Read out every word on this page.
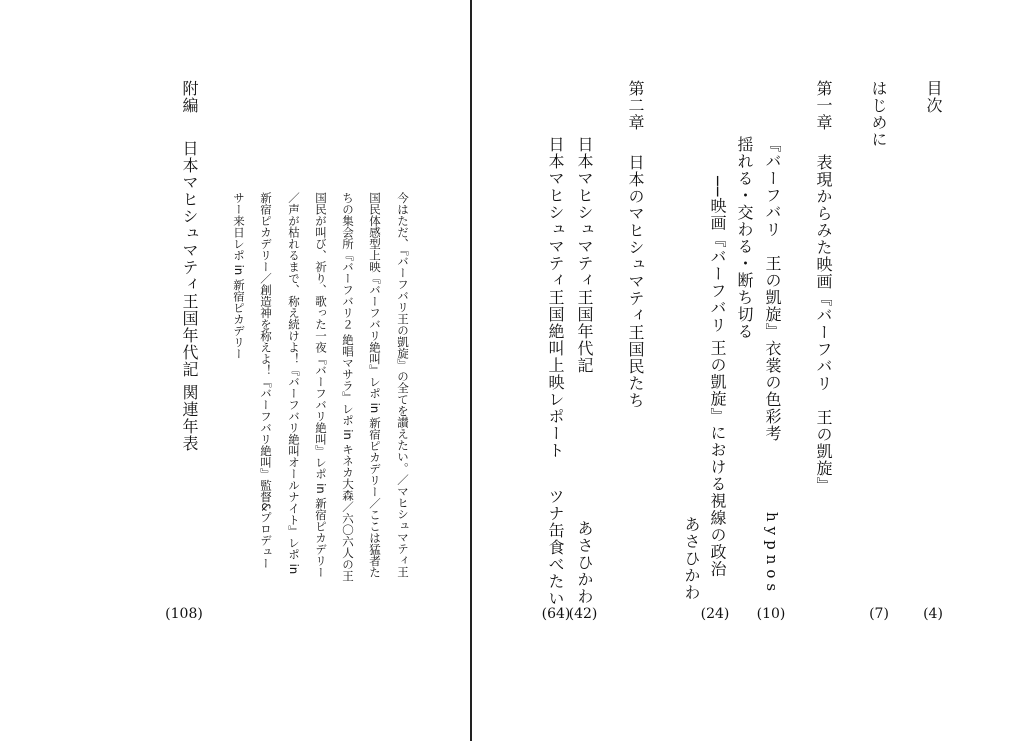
目次
(4)
はじめに
(7)
第一章
表現からみた映画『バーフバリ　王の凱旋』
『バーフバリ　王の凱旋』衣裳の色彩考
hypnos
(10)
揺れる・交わる・断ち切る
──映画『バーフバリ 王の凱旋』における視線の政治
あさひかわ
(24)
第二章
日本のマヒシュマティ王国民たち
日本マヒシュマティ王国年代記
あさひかわ
(42)
日本マヒシュマティ王国絶叫上映レポート
ツナ缶食べたい
(64)
今はただ、『バーフバリ王の凱旋』の全てを讃えたい。／マヒシュマティ王
国民体感型上映『バーフバリ絶叫』レポ in 新宿ピカデリー／ここは猛者た
ちの集会所『バーフバリ２ 絶唱マサラ』レポ in キネカ大森／六〇六人の王
国民が叫び、祈り、歌った一夜『バーフバリ絶叫』レポ in 新宿ピカデリー
／声が枯れるまで、称え続けよ！『バーフバリ絶叫オールナイト』レポ in
新宿ピカデリー／創造神を称えよ！『バーフバリ絶叫』監督&プロデュー
サー来日レポ in 新宿ピカデリー
附編
日本マヒシュマティ王国年代記 関連年表
(108)
